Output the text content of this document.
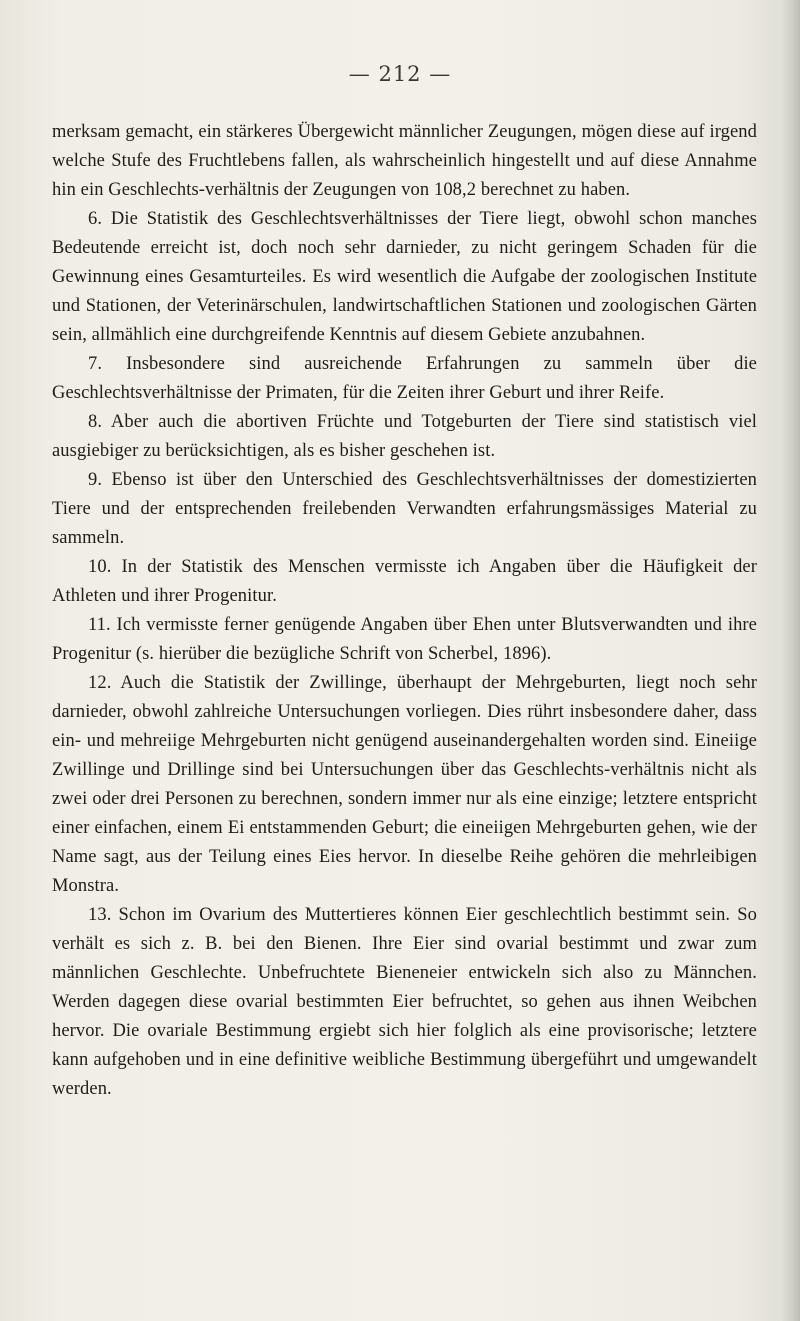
— 212 —

merksam gemacht, ein stärkeres Übergewicht männlicher Zeugungen, mögen diese auf irgend welche Stufe des Fruchtlebens fallen, als wahrscheinlich hingestellt und auf diese Annahme hin ein Geschlechts-verhältnis der Zeugungen von 108,2 berechnet zu haben.

6. Die Statistik des Geschlechtsverhältnisses der Tiere liegt, obwohl schon manches Bedeutende erreicht ist, doch noch sehr darnieder, zu nicht geringem Schaden für die Gewinnung eines Gesamturteiles. Es wird wesentlich die Aufgabe der zoologischen Institute und Stationen, der Veterinärschulen, landwirtschaftlichen Stationen und zoologischen Gärten sein, allmählich eine durchgreifende Kenntnis auf diesem Gebiete anzubahnen.

7. Insbesondere sind ausreichende Erfahrungen zu sammeln über die Geschlechtsverhältnisse der Primaten, für die Zeiten ihrer Geburt und ihrer Reife.

8. Aber auch die abortiven Früchte und Totgeburten der Tiere sind statistisch viel ausgiebiger zu berücksichtigen, als es bisher geschehen ist.

9. Ebenso ist über den Unterschied des Geschlechtsverhältnisses der domestizierten Tiere und der entsprechenden freilebenden Verwandten erfahrungsmässiges Material zu sammeln.

10. In der Statistik des Menschen vermisste ich Angaben über die Häufigkeit der Athleten und ihrer Progenitur.

11. Ich vermisste ferner genügende Angaben über Ehen unter Blutsverwandten und ihre Progenitur (s. hierüber die bezügliche Schrift von Scherbel, 1896).

12. Auch die Statistik der Zwillinge, überhaupt der Mehrgeburten, liegt noch sehr darnieder, obwohl zahlreiche Untersuchungen vorliegen. Dies rührt insbesondere daher, dass ein- und mehreiige Mehrgeburten nicht genügend auseinandergehalten worden sind. Eineiige Zwillinge und Drillinge sind bei Untersuchungen über das Geschlechts-verhältnis nicht als zwei oder drei Personen zu berechnen, sondern immer nur als eine einzige; letztere entspricht einer einfachen, einem Ei entstammenden Geburt; die eineiigen Mehrgeburten gehen, wie der Name sagt, aus der Teilung eines Eies hervor. In dieselbe Reihe gehören die mehrleibigen Monstra.

13. Schon im Ovarium des Muttertieres können Eier geschlechtlich bestimmt sein. So verhält es sich z. B. bei den Bienen. Ihre Eier sind ovarial bestimmt und zwar zum männlichen Geschlechte. Unbefruchtete Bieneneier entwickeln sich also zu Männchen. Werden dagegen diese ovarial bestimmten Eier befruchtet, so gehen aus ihnen Weibchen hervor. Die ovariale Bestimmung ergiebt sich hier folglich als eine provisorische; letztere kann aufgehoben und in eine definitive weibliche Bestimmung übergeführt und umgewandelt werden.
